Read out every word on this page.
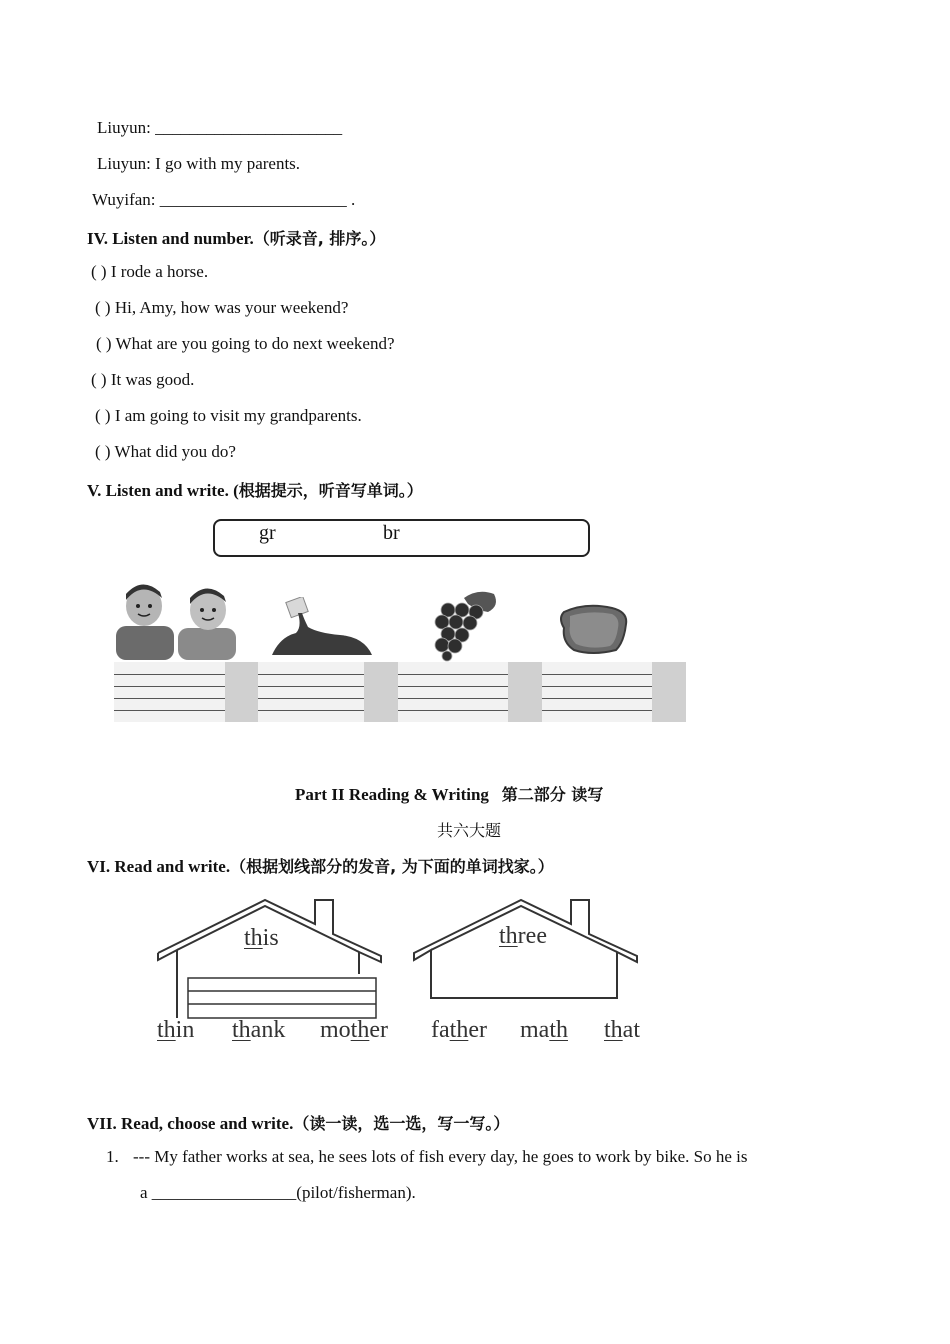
Liuyun: ______________________
Liuyun: I go with my parents.
Wuyifan: ______________________ .
IV. Listen and number.（听录音, 排序。）
( ) I rode a horse.
( ) Hi, Amy, how was your weekend?
( ) What are you going to do next weekend?
( ) It was good.
( ) I am going to visit my grandparents.
( ) What did you do?
V. Listen and write. (根据提示，听音写单词。）
gr	br
Part II Reading & Writing 第二部分 读写
共六大题
VI. Read and write.（根据划线部分的发音, 为下面的单词找家。）
this	three
thin thank mother father math that
VII. Read, choose and write.（读一读，选一选，写一写。）
1. --- My father works at sea, he sees lots of fish every day, he goes to work by bike. So he is
a _________________(pilot/fisherman).
